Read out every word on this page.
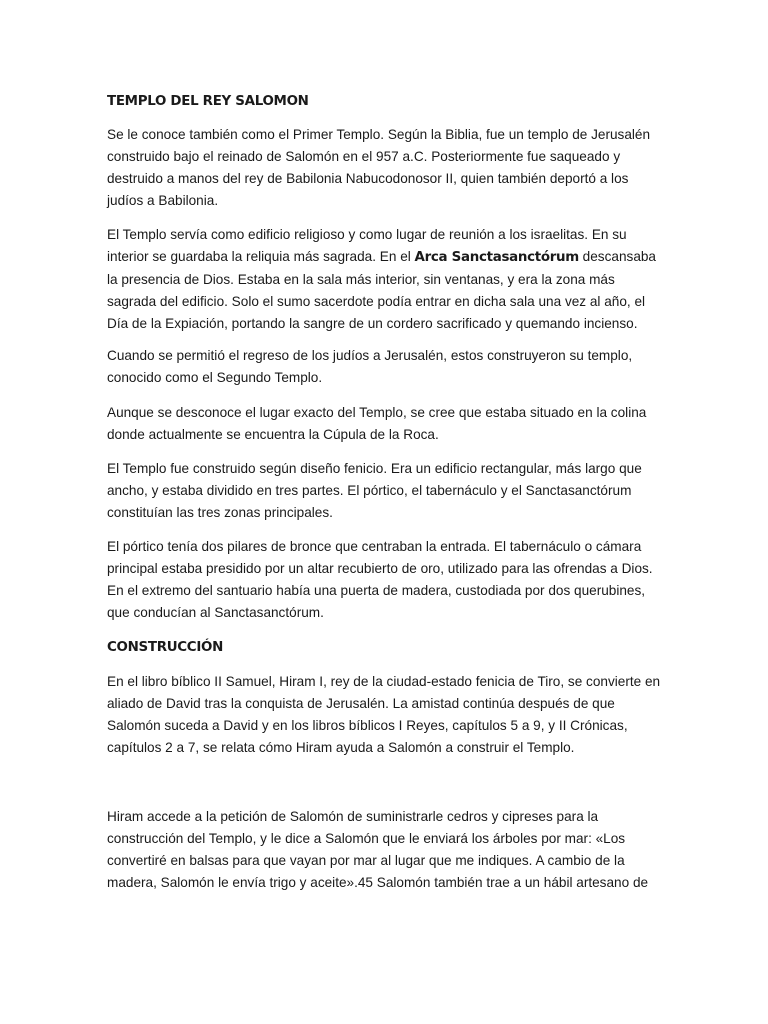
TEMPLO DEL REY SALOMON

Se le conoce también como el Primer Templo. Según la Biblia, fue un templo de Jerusalén construido bajo el reinado de Salomón en el 957 a.C. Posteriormente fue saqueado y destruido a manos del rey de Babilonia Nabucodonosor II, quien también deportó a los judíos a Babilonia.

El Templo servía como edificio religioso y como lugar de reunión a los israelitas. En su interior se guardaba la reliquia más sagrada. En el Arca Sanctasanctórum descansaba la presencia de Dios. Estaba en la sala más interior, sin ventanas, y era la zona más sagrada del edificio. Solo el sumo sacerdote podía entrar en dicha sala una vez al año, el Día de la Expiación, portando la sangre de un cordero sacrificado y quemando incienso.

Cuando se permitió el regreso de los judíos a Jerusalén, estos construyeron su templo, conocido como el Segundo Templo.

Aunque se desconoce el lugar exacto del Templo, se cree que estaba situado en la colina donde actualmente se encuentra la Cúpula de la Roca.

El Templo fue construido según diseño fenicio. Era un edificio rectangular, más largo que ancho, y estaba dividido en tres partes. El pórtico, el tabernáculo y el Sanctasanctórum constituían las tres zonas principales.

El pórtico tenía dos pilares de bronce que centraban la entrada. El tabernáculo o cámara principal estaba presidido por un altar recubierto de oro, utilizado para las ofrendas a Dios. En el extremo del santuario había una puerta de madera, custodiada por dos querubines, que conducían al Sanctasanctórum.

CONSTRUCCIÓN

En el libro bíblico II Samuel, Hiram I, rey de la ciudad-estado fenicia de Tiro, se convierte en aliado de David tras la conquista de Jerusalén. La amistad continúa después de que Salomón suceda a David y en los libros bíblicos I Reyes, capítulos 5 a 9, y II Crónicas, capítulos 2 a 7, se relata cómo Hiram ayuda a Salomón a construir el Templo.

Hiram accede a la petición de Salomón de suministrarle cedros y cipreses para la construcción del Templo, y le dice a Salomón que le enviará los árboles por mar: «Los convertiré en balsas para que vayan por mar al lugar que me indiques. A cambio de la madera, Salomón le envía trigo y aceite».45 Salomón también trae a un hábil artesano de
